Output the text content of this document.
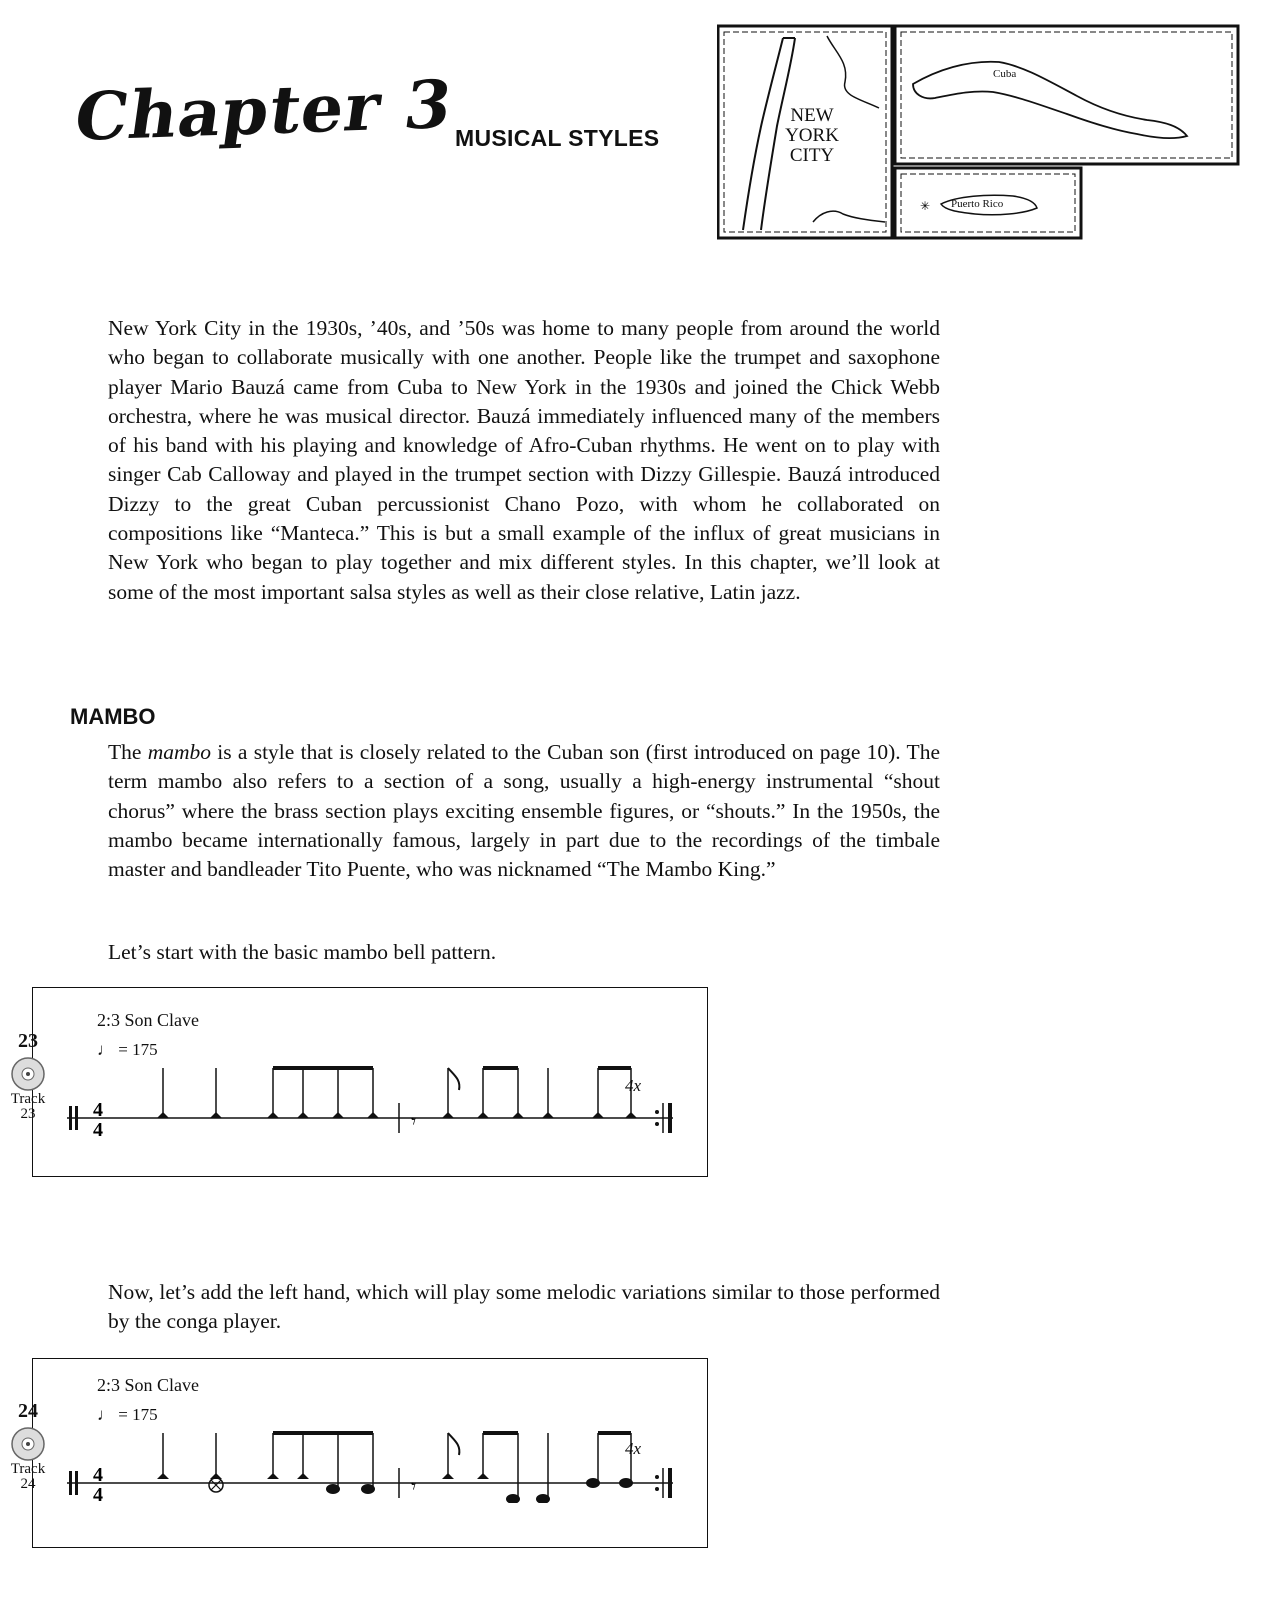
Chapter 3
MUSICAL STYLES
✳
NEW
YORK
CITY
Cuba
Puerto Rico

New York City in the 1930s, ’40s, and ’50s was home to many people from around the world who began to collaborate musically with one another. People like the trumpet and saxophone player Mario Bauzá came from Cuba to New York in the 1930s and joined the Chick Webb orchestra, where he was musical director. Bauzá immediately influenced many of the members of his band with his playing and knowledge of Afro-Cuban rhythms. He went on to play with singer Cab Calloway and played in the trumpet section with Dizzy Gillespie. Bauzá introduced Dizzy to the great Cuban percussionist Chano Pozo, with whom he collaborated on compositions like “Manteca.” This is but a small example of the influx of great musicians in New York who began to play together and mix different styles. In this chapter, we’ll look at some of the most important salsa styles as well as their close relative, Latin jazz.

MAMBO

The mambo is a style that is closely related to the Cuban son (first introduced on page 10). The term mambo also refers to a section of a song, usually a high-energy instrumental “shout chorus” where the brass section plays exciting ensemble figures, or “shouts.” In the 1950s, the mambo became internationally famous, largely in part due to the recordings of the timbale master and bandleader Tito Puente, who was nicknamed “The Mambo King.”

Let’s start with the basic mambo bell pattern.

2:3 Son Clave
♩ = 175
4x
4
4	𝄾
23
Track
23

Now, let’s add the left hand, which will play some melodic variations similar to those performed by the conga player.

2:3 Son Clave
♩ = 175
4x
4
4	𝄾
24
Track
24
